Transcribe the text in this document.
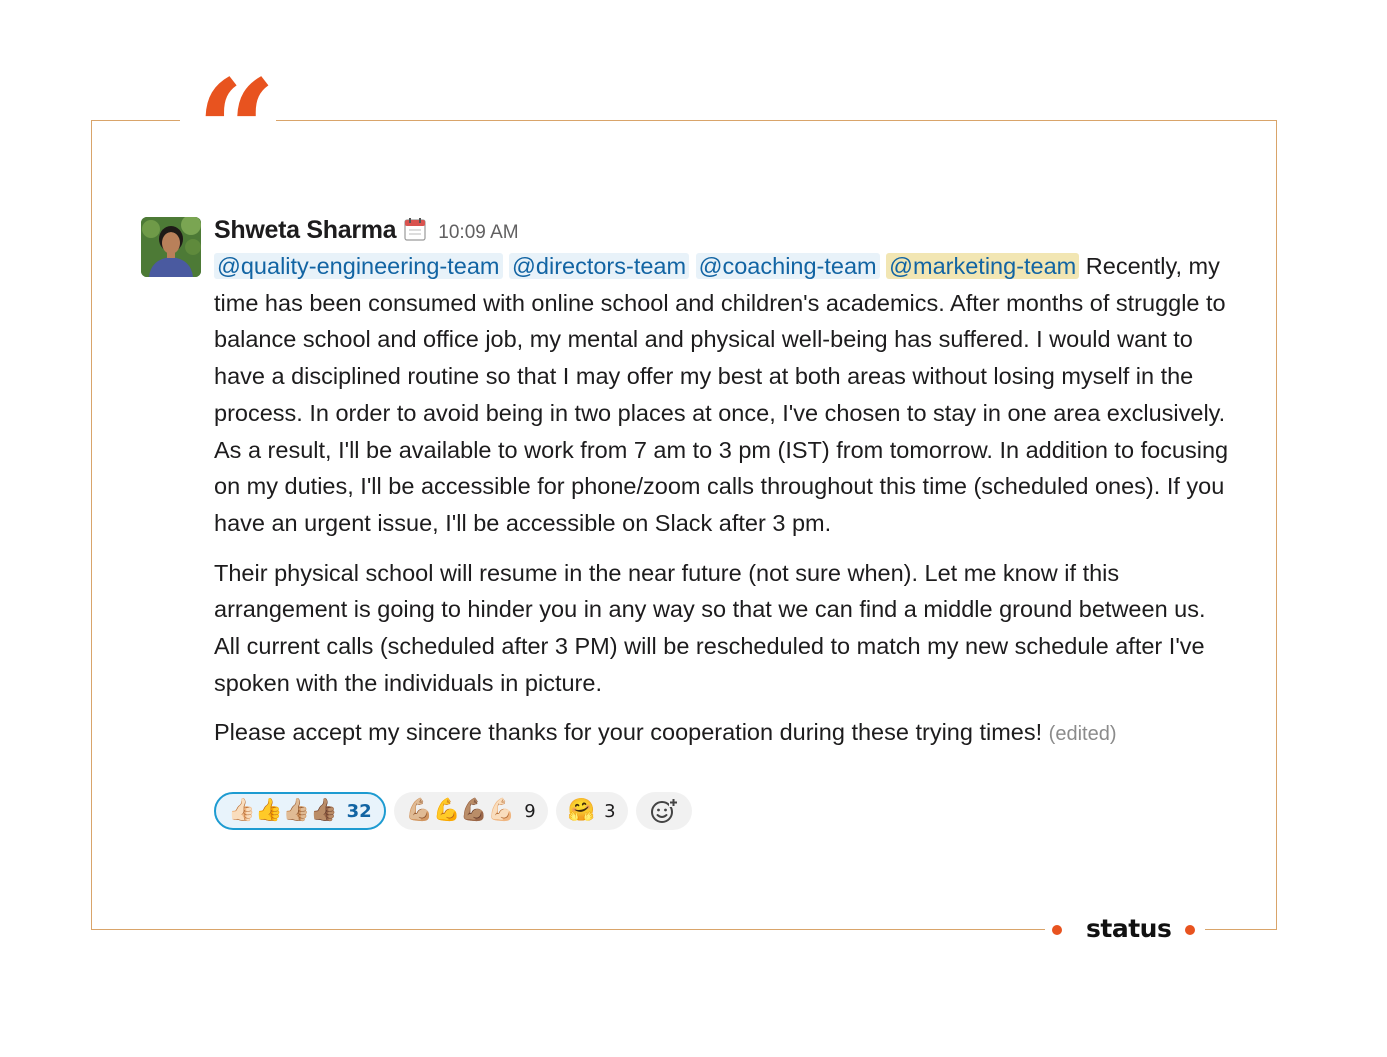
“
status
Shweta Sharma 10:09 AM

@quality-engineering-team @directors-team @coaching-team @marketing-team Recently, my time has been consumed with online school and children's academics. After months of struggle to balance school and office job, my mental and physical well-being has suffered. I would want to have a disciplined routine so that I may offer my best at both areas without losing myself in the process. In order to avoid being in two places at once, I've chosen to stay in one area exclusively. As a result, I'll be available to work from 7 am to 3 pm (IST) from tomorrow. In addition to focusing on my duties, I'll be accessible for phone/zoom calls throughout this time (scheduled ones). If you have an urgent issue, I'll be accessible on Slack after 3 pm.

Their physical school will resume in the near future (not sure when). Let me know if this arrangement is going to hinder you in any way so that we can find a middle ground between us. All current calls (scheduled after 3 PM) will be rescheduled to match my new schedule after I've spoken with the individuals in picture.

Please accept my sincere thanks for your cooperation during these trying times! (edited)

👍🏻👍👍🏼👍🏽 32 💪🏼💪💪🏽💪🏻 9 🤗 3
